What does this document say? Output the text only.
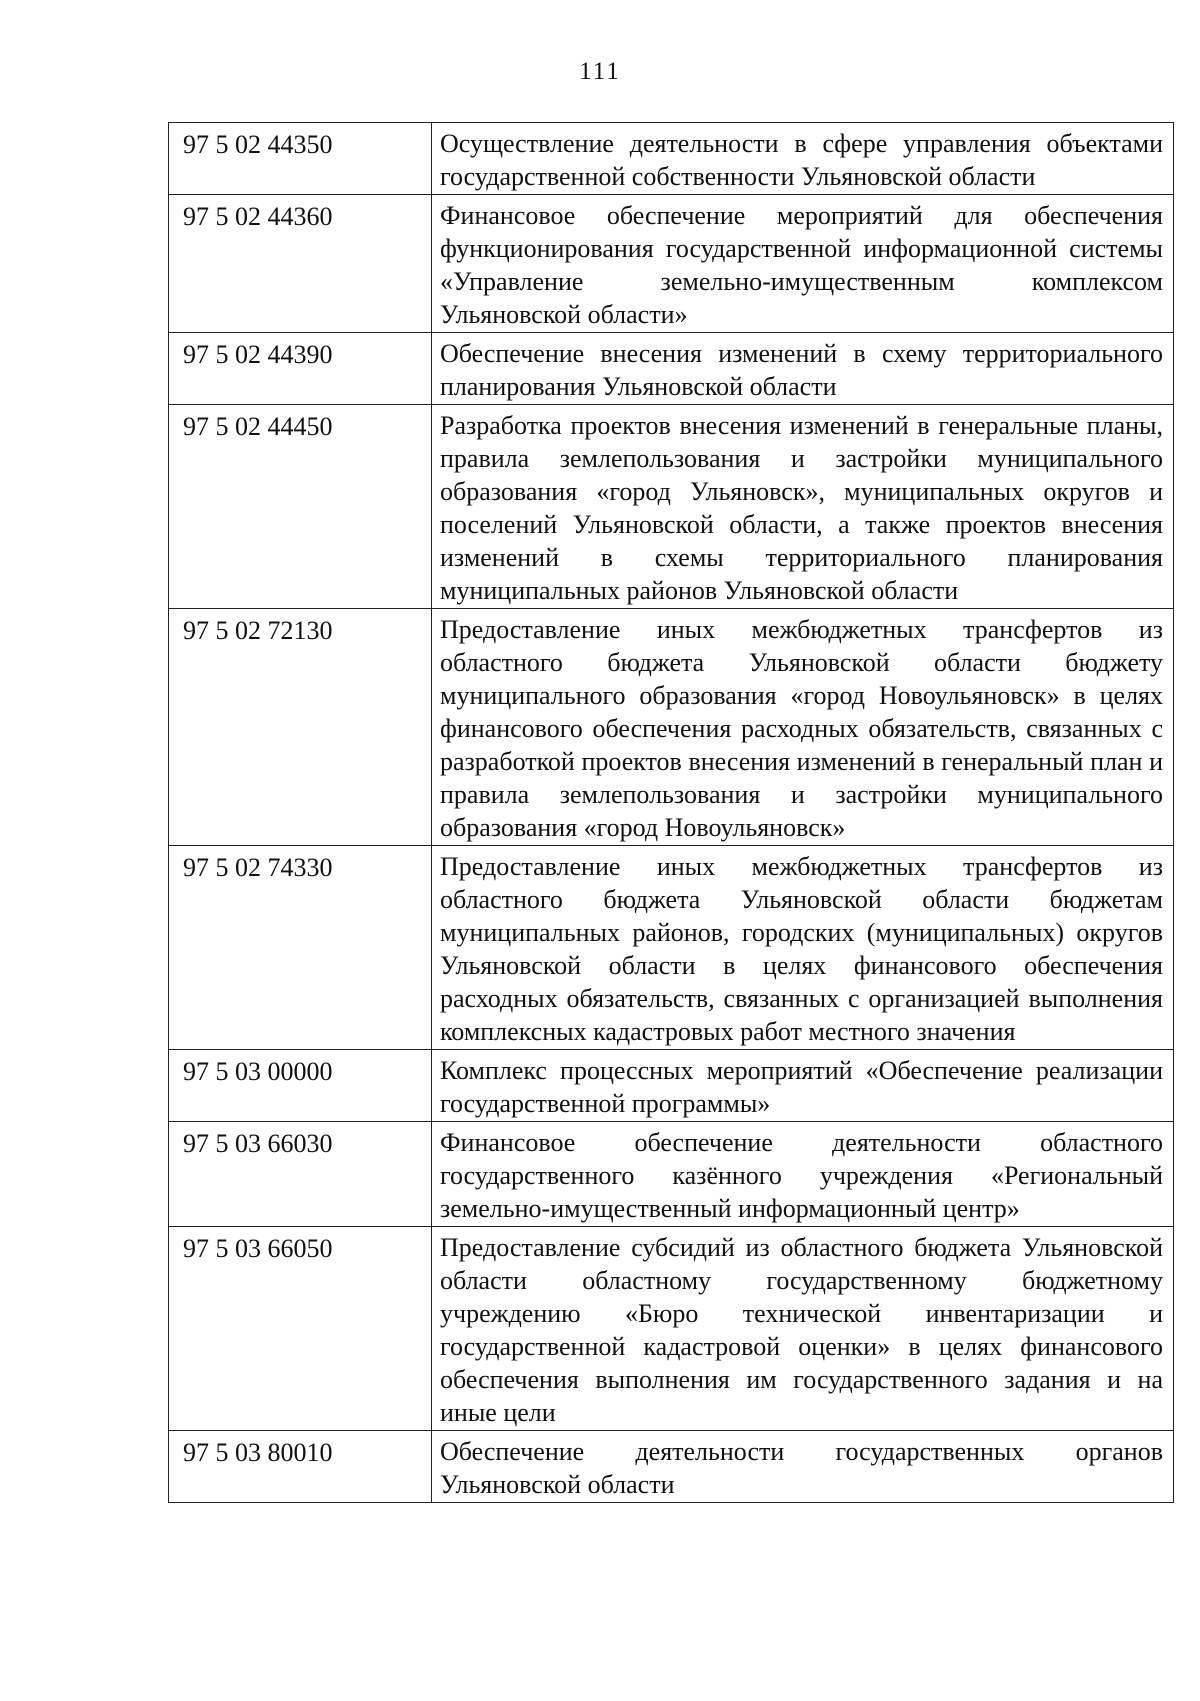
111
97 5 02 44350	Осуществление деятельности в сфере управления объектами государственной собственности Ульяновской области
97 5 02 44360	Финансовое обеспечение мероприятий для обеспечения функционирования государственной информационной системы «Управление земельно-имущественным комплексом Ульяновской области»
97 5 02 44390	Обеспечение внесения изменений в схему территориального планирования Ульяновской области
97 5 02 44450	Разработка проектов внесения изменений в генеральные планы, правила землепользования и застройки муниципального образования «город Ульяновск», муниципальных округов и поселений Ульяновской области, а также проектов внесения изменений в схемы территориального планирования муниципальных районов Ульяновской области
97 5 02 72130	Предоставление иных межбюджетных трансфертов из областного бюджета Ульяновской области бюджету муниципального образования «город Новоульяновск» в целях финансового обеспечения расходных обязательств, связанных с разработкой проектов внесения изменений в генеральный план и правила землепользования и застройки муниципального образования «город Новоульяновск»
97 5 02 74330	Предоставление иных межбюджетных трансфертов из областного бюджета Ульяновской области бюджетам муниципальных районов, городских (муниципальных) округов Ульяновской области в целях финансового обеспечения расходных обязательств, связанных с организацией выполнения комплексных кадастровых работ местного значения
97 5 03 00000	Комплекс процессных мероприятий «Обеспечение реализации государственной программы»
97 5 03 66030	Финансовое обеспечение деятельности областного государственного казённого учреждения «Региональный земельно-имущественный информационный центр»
97 5 03 66050	Предоставление субсидий из областного бюджета Ульяновской области областному государственному бюджетному учреждению «Бюро технической инвентаризации и государственной кадастровой оценки» в целях финансового обеспечения выполнения им государственного задания и на иные цели
97 5 03 80010	Обеспечение деятельности государственных органов Ульяновской области
